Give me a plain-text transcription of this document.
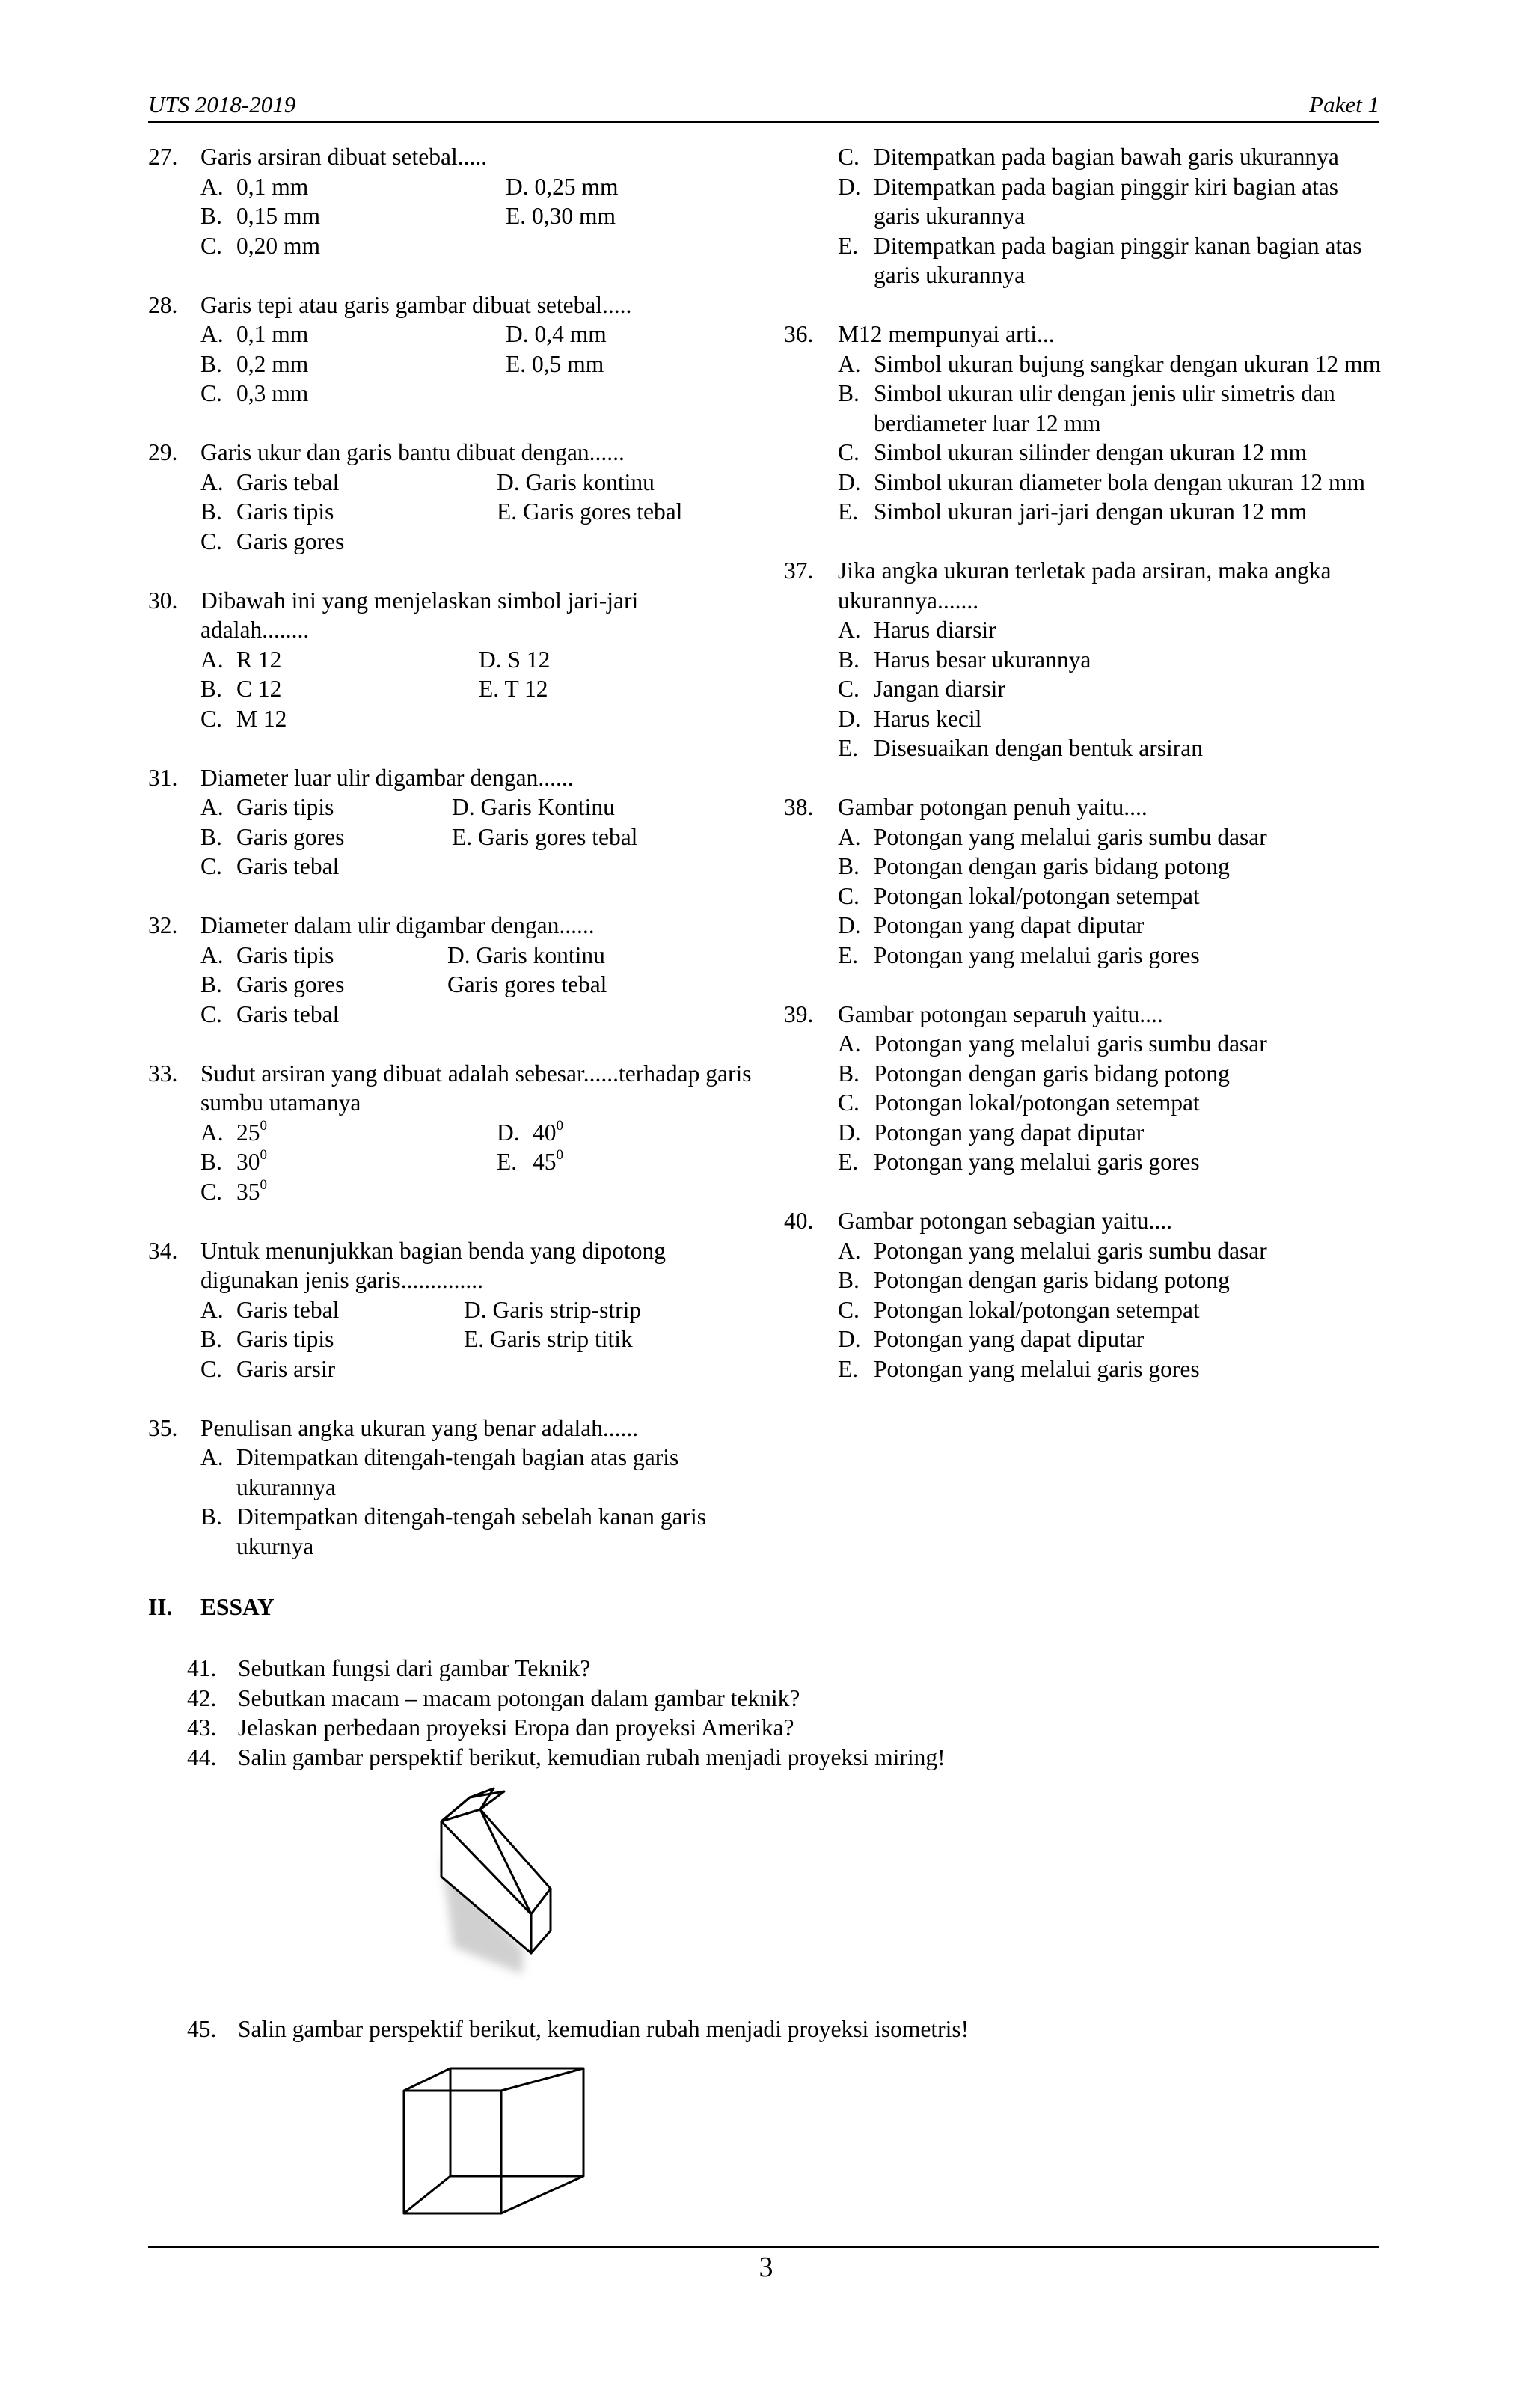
UTS 2018-2019	Paket 1
27. Garis arsiran dibuat setebal.....
A. 0,1 mm	D. 0,25 mm
B. 0,15 mm	E. 0,30 mm
C. 0,20 mm
28. Garis tepi atau garis gambar dibuat setebal.....
A. 0,1 mm	D. 0,4 mm
B. 0,2 mm	E. 0,5 mm
C. 0,3 mm
29. Garis ukur dan garis bantu dibuat dengan......
A. Garis tebal	D. Garis kontinu
B. Garis tipis	E. Garis gores tebal
C. Garis gores
30. Dibawah ini yang menjelaskan simbol jari-jari adalah........
A. R 12	D. S 12
B. C 12	E. T 12
C. M 12
31. Diameter luar ulir digambar dengan......
A. Garis tipis	D. Garis Kontinu
B. Garis gores	E. Garis gores tebal
C. Garis tebal
32. Diameter dalam ulir digambar dengan......
A. Garis tipis	D. Garis kontinu
B. Garis gores	Garis gores tebal
C. Garis tebal
33. Sudut arsiran yang dibuat adalah sebesar......terhadap garis sumbu utamanya
A. $25^0$	D. $40^0$
B. $30^0$	E. $45^0$
C. $35^0$
34. Untuk menunjukkan bagian benda yang dipotong digunakan jenis garis..............
A. Garis tebal	D. Garis strip-strip
B. Garis tipis	E. Garis strip titik
C. Garis arsir
35. Penulisan angka ukuran yang benar adalah......
A. Ditempatkan ditengah-tengah bagian atas garis ukurannya
B. Ditempatkan ditengah-tengah sebelah kanan garis ukurnya
C. Ditempatkan pada bagian bawah garis ukurannya
D. Ditempatkan pada bagian pinggir kiri bagian atas garis ukurannya
E. Ditempatkan pada bagian pinggir kanan bagian atas garis ukurannya
36. M12 mempunyai arti...
A. Simbol ukuran bujung sangkar dengan ukuran 12 mm
B. Simbol ukuran ulir dengan jenis ulir simetris dan berdiameter luar 12 mm
C. Simbol ukuran silinder dengan ukuran 12 mm
D. Simbol ukuran diameter bola dengan ukuran 12 mm
E. Simbol ukuran jari-jari dengan ukuran 12 mm
37. Jika angka ukuran terletak pada arsiran, maka angka ukurannya.......
A. Harus diarsir
B. Harus besar ukurannya
C. Jangan diarsir
D. Harus kecil
E. Disesuaikan dengan bentuk arsiran
38. Gambar potongan penuh yaitu....
A. Potongan yang melalui garis sumbu dasar
B. Potongan dengan garis bidang potong
C. Potongan lokal/potongan setempat
D. Potongan yang dapat diputar
E. Potongan yang melalui garis gores
39. Gambar potongan separuh yaitu....
A. Potongan yang melalui garis sumbu dasar
B. Potongan dengan garis bidang potong
C. Potongan lokal/potongan setempat
D. Potongan yang dapat diputar
E. Potongan yang melalui garis gores
40. Gambar potongan sebagian yaitu....
A. Potongan yang melalui garis sumbu dasar
B. Potongan dengan garis bidang potong
C. Potongan lokal/potongan setempat
D. Potongan yang dapat diputar
E. Potongan yang melalui garis gores
II. ESSAY
41. Sebutkan fungsi dari gambar Teknik?
42. Sebutkan macam – macam potongan dalam gambar teknik?
43. Jelaskan perbedaan proyeksi Eropa dan proyeksi Amerika?
44. Salin gambar perspektif berikut, kemudian rubah menjadi proyeksi miring!
45. Salin gambar perspektif berikut, kemudian rubah menjadi proyeksi isometris!
3
